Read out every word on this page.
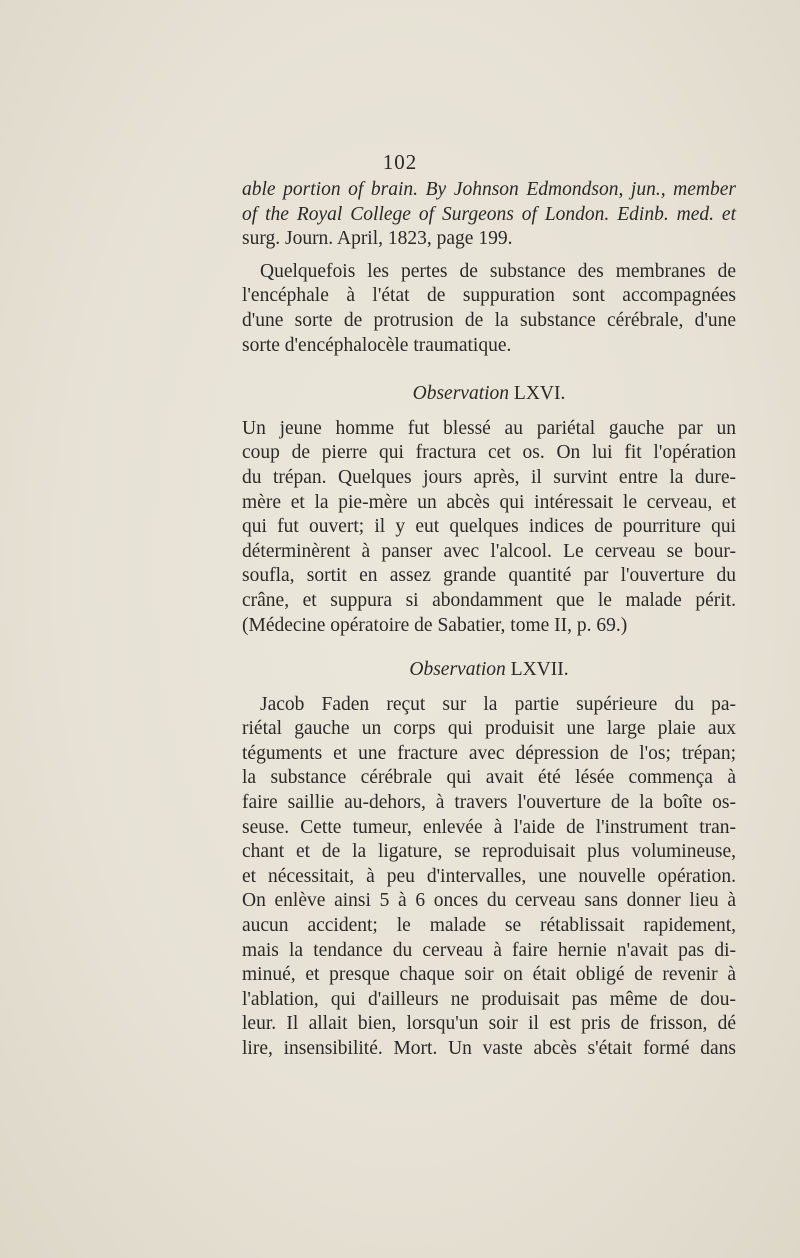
102
able portion of brain. By Johnson Edmondson, jun., member
of the Royal College of Surgeons of London. Edinb. med. et
surg. Journ. April, 1823, page 199.
Quelquefois les pertes de substance des membranes de
l'encéphale à l'état de suppuration sont accompagnées
d'une sorte de protrusion de la substance cérébrale, d'une
sorte d'encéphalocèle traumatique.
Observation LXVI.
Un jeune homme fut blessé au pariétal gauche par un
coup de pierre qui fractura cet os. On lui fit l'opération
du trépan. Quelques jours après, il survint entre la dure-
mère et la pie-mère un abcès qui intéressait le cerveau, et
qui fut ouvert; il y eut quelques indices de pourriture qui
déterminèrent à panser avec l'alcool. Le cerveau se bour-
soufla, sortit en assez grande quantité par l'ouverture du
crâne, et suppura si abondamment que le malade périt.
(Médecine opératoire de Sabatier, tome II, p. 69.)
Observation LXVII.
Jacob Faden reçut sur la partie supérieure du pa-
riétal gauche un corps qui produisit une large plaie aux
téguments et une fracture avec dépression de l'os; trépan;
la substance cérébrale qui avait été lésée commença à
faire saillie au-dehors, à travers l'ouverture de la boîte os-
seuse. Cette tumeur, enlevée à l'aide de l'instrument tran-
chant et de la ligature, se reproduisait plus volumineuse,
et nécessitait, à peu d'intervalles, une nouvelle opération.
On enlève ainsi 5 à 6 onces du cerveau sans donner lieu à
aucun accident; le malade se rétablissait rapidement,
mais la tendance du cerveau à faire hernie n'avait pas di-
minué, et presque chaque soir on était obligé de revenir à
l'ablation, qui d'ailleurs ne produisait pas même de dou-
leur. Il allait bien, lorsqu'un soir il est pris de frisson, dé
lire, insensibilité. Mort. Un vaste abcès s'était formé dans
